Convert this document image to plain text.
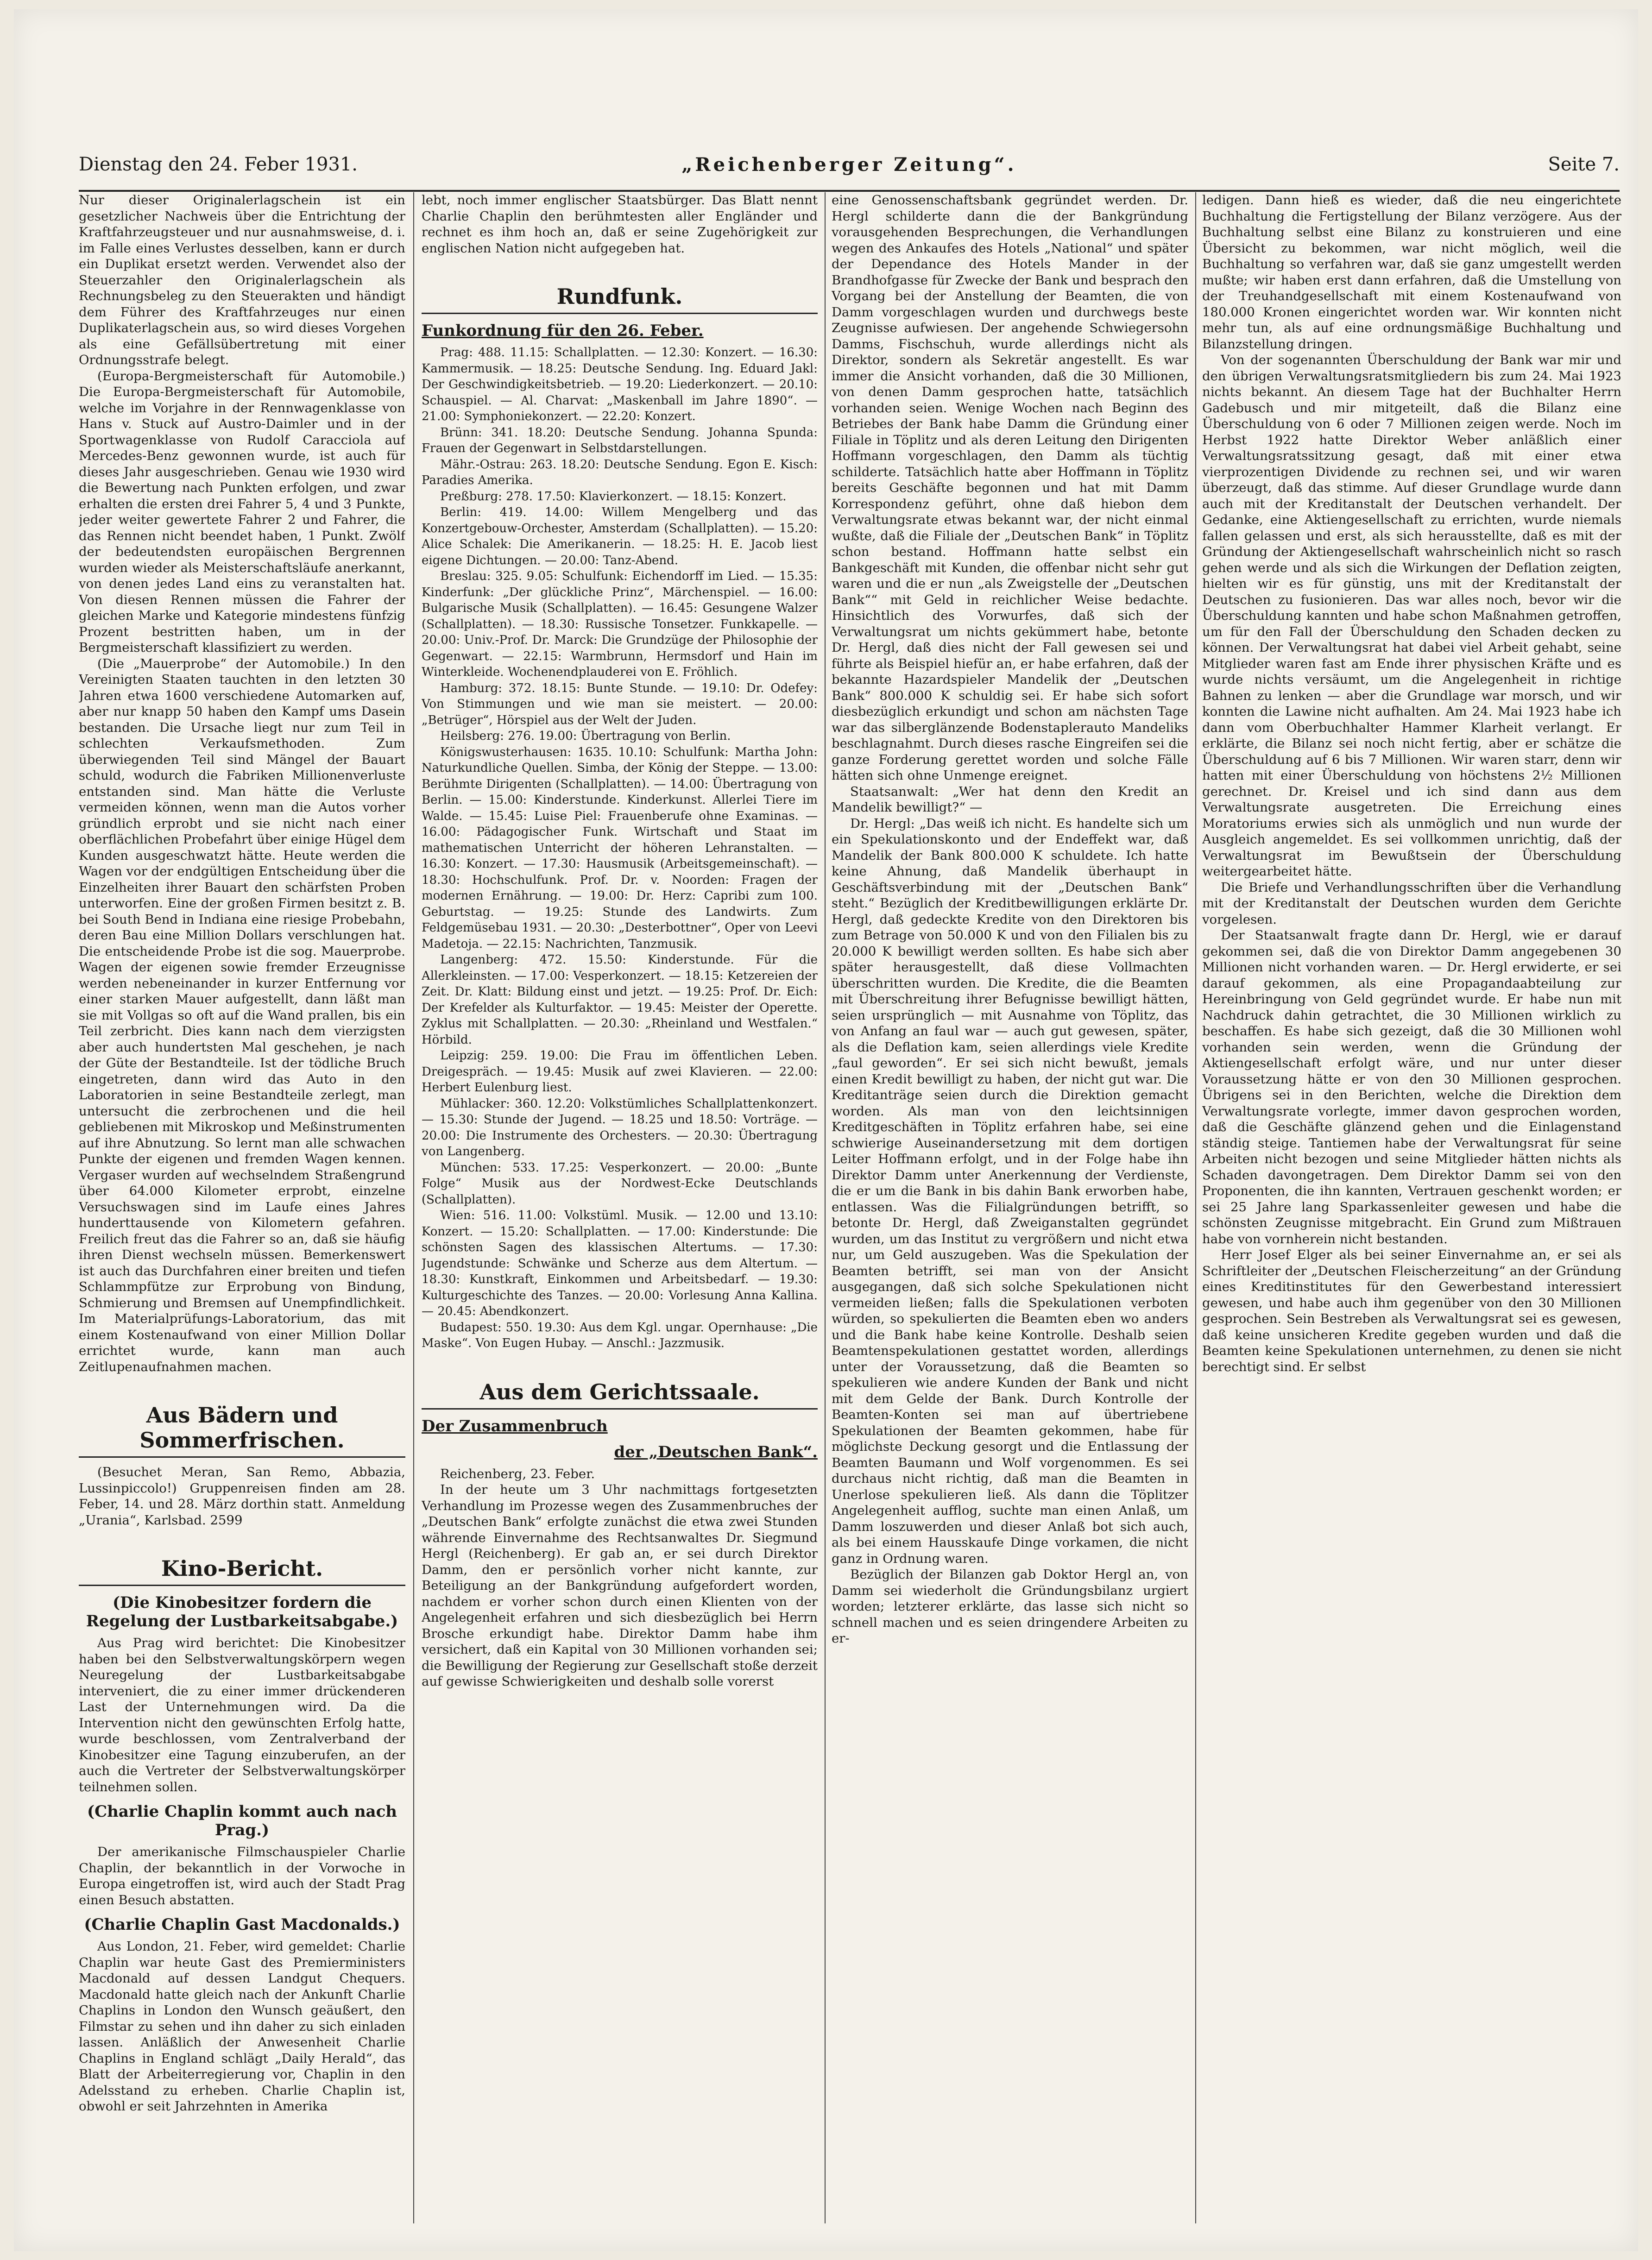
Dienstag den 24. Feber 1931.	„Reichenberger Zeitung“.	Seite 7.

Nur dieser Originalerlagschein ist ein gesetzlicher Nachweis über die Entrichtung der Kraftfahrzeugsteuer und nur ausnahmsweise, d. i. im Falle eines Verlustes desselben, kann er durch ein Duplikat ersetzt werden. Verwendet also der Steuerzahler den Originalerlagschein als Rechnungsbeleg zu den Steuerakten und händigt dem Führer des Kraftfahrzeuges nur einen Duplikaterlagschein aus, so wird dieses Vorgehen als eine Gefällsübertretung mit einer Ordnungsstrafe belegt.

(Europa-Bergmeisterschaft für Automobile.) Die Europa-Bergmeisterschaft für Automobile, welche im Vorjahre in der Rennwagenklasse von Hans v. Stuck auf Austro-Daimler und in der Sportwagenklasse von Rudolf Caracciola auf Mercedes-Benz gewonnen wurde, ist auch für dieses Jahr ausgeschrieben. Genau wie 1930 wird die Bewertung nach Punkten erfolgen, und zwar erhalten die ersten drei Fahrer 5, 4 und 3 Punkte, jeder weiter gewertete Fahrer 2 und Fahrer, die das Rennen nicht beendet haben, 1 Punkt. Zwölf der bedeutendsten europäischen Bergrennen wurden wieder als Meisterschaftsläufe anerkannt, von denen jedes Land eins zu veranstalten hat. Von diesen Rennen müssen die Fahrer der gleichen Marke und Kategorie mindestens fünfzig Prozent bestritten haben, um in der Bergmeisterschaft klassifiziert zu werden.

(Die „Mauerprobe“ der Automobile.) In den Vereinigten Staaten tauchten in den letzten 30 Jahren etwa 1600 verschiedene Automarken auf, aber nur knapp 50 haben den Kampf ums Dasein bestanden. Die Ursache liegt nur zum Teil in schlechten Verkaufsmethoden. Zum überwiegenden Teil sind Mängel der Bauart schuld, wodurch die Fabriken Millionenverluste entstanden sind. Man hätte die Verluste vermeiden können, wenn man die Autos vorher gründlich erprobt und sie nicht nach einer oberflächlichen Probefahrt über einige Hügel dem Kunden ausgeschwatzt hätte. Heute werden die Wagen vor der endgültigen Entscheidung über die Einzelheiten ihrer Bauart den schärfsten Proben unterworfen. Eine der großen Firmen besitzt z. B. bei South Bend in Indiana eine riesige Probebahn, deren Bau eine Million Dollars verschlungen hat. Die entscheidende Probe ist die sog. Mauerprobe. Wagen der eigenen sowie fremder Erzeugnisse werden nebeneinander in kurzer Entfernung vor einer starken Mauer aufgestellt, dann läßt man sie mit Vollgas so oft auf die Wand prallen, bis ein Teil zerbricht. Dies kann nach dem vierzigsten aber auch hundertsten Mal geschehen, je nach der Güte der Bestandteile. Ist der tödliche Bruch eingetreten, dann wird das Auto in den Laboratorien in seine Bestandteile zerlegt, man untersucht die zerbrochenen und die heil gebliebenen mit Mikroskop und Meßinstrumenten auf ihre Abnutzung. So lernt man alle schwachen Punkte der eigenen und fremden Wagen kennen. Vergaser wurden auf wechselndem Straßengrund über 64.000 Kilometer erprobt, einzelne Versuchswagen sind im Laufe eines Jahres hunderttausende von Kilometern gefahren. Freilich freut das die Fahrer so an, daß sie häufig ihren Dienst wechseln müssen. Bemerkenswert ist auch das Durchfahren einer breiten und tiefen Schlammpfütze zur Erprobung von Bindung, Schmierung und Bremsen auf Unempfindlichkeit. Im Materialprüfungs-Laboratorium, das mit einem Kostenaufwand von einer Million Dollar errichtet wurde, kann man auch Zeitlupenaufnahmen machen.

Aus Bädern und Sommerfrischen.

(Besuchet Meran, San Remo, Abbazia, Lussinpiccolo!) Gruppenreisen finden am 28. Feber, 14. und 28. März dorthin statt. Anmeldung „Urania“, Karlsbad. 2599

Kino-Bericht.
(Die Kinobesitzer fordern die Regelung der Lustbarkeitsabgabe.)

Aus Prag wird berichtet: Die Kinobesitzer haben bei den Selbstverwaltungskörpern wegen Neuregelung der Lustbarkeitsabgabe interveniert, die zu einer immer drückenderen Last der Unternehmungen wird. Da die Intervention nicht den gewünschten Erfolg hatte, wurde beschlossen, vom Zentralverband der Kinobesitzer eine Tagung einzuberufen, an der auch die Vertreter der Selbstverwaltungskörper teilnehmen sollen.

(Charlie Chaplin kommt auch nach Prag.)

Der amerikanische Filmschauspieler Charlie Chaplin, der bekanntlich in der Vorwoche in Europa eingetroffen ist, wird auch der Stadt Prag einen Besuch abstatten.

(Charlie Chaplin Gast Macdonalds.)

Aus London, 21. Feber, wird gemeldet: Charlie Chaplin war heute Gast des Premierministers Macdonald auf dessen Landgut Chequers. Macdonald hatte gleich nach der Ankunft Charlie Chaplins in London den Wunsch geäußert, den Filmstar zu sehen und ihn daher zu sich einladen lassen. Anläßlich der Anwesenheit Charlie Chaplins in England schlägt „Daily Herald“, das Blatt der Arbeiterregierung vor, Chaplin in den Adelsstand zu erheben. Charlie Chaplin ist, obwohl er seit Jahrzehnten in Amerika

lebt, noch immer englischer Staatsbürger. Das Blatt nennt Charlie Chaplin den berühmtesten aller Engländer und rechnet es ihm hoch an, daß er seine Zugehörigkeit zur englischen Nation nicht aufgegeben hat.

Rundfunk.
Funkordnung für den 26. Feber.

Prag: 488. 11.15: Schallplatten. — 12.30: Konzert. — 16.30: Kammermusik. — 18.25: Deutsche Sendung. Ing. Eduard Jakl: Der Geschwindigkeitsbetrieb. — 19.20: Liederkonzert. — 20.10: Schauspiel. — Al. Charvat: „Maskenball im Jahre 1890“. — 21.00: Symphoniekonzert. — 22.20: Konzert.

Brünn: 341. 18.20: Deutsche Sendung. Johanna Spunda: Frauen der Gegenwart in Selbstdarstellungen.

Mähr.-Ostrau: 263. 18.20: Deutsche Sendung. Egon E. Kisch: Paradies Amerika.

Preßburg: 278. 17.50: Klavierkonzert. — 18.15: Konzert.

Berlin: 419. 14.00: Willem Mengelberg und das Konzertgebouw-Orchester, Amsterdam (Schallplatten). — 15.20: Alice Schalek: Die Amerikanerin. — 18.25: H. E. Jacob liest eigene Dichtungen. — 20.00: Tanz-Abend.

Breslau: 325. 9.05: Schulfunk: Eichendorff im Lied. — 15.35: Kinderfunk: „Der glückliche Prinz“, Märchenspiel. — 16.00: Bulgarische Musik (Schallplatten). — 16.45: Gesungene Walzer (Schallplatten). — 18.30: Russische Tonsetzer. Funkkapelle. — 20.00: Univ.-Prof. Dr. Marck: Die Grundzüge der Philosophie der Gegenwart. — 22.15: Warmbrunn, Hermsdorf und Hain im Winterkleide. Wochenendplauderei von E. Fröhlich.

Hamburg: 372. 18.15: Bunte Stunde. — 19.10: Dr. Odefey: Von Stimmungen und wie man sie meistert. — 20.00: „Betrüger“, Hörspiel aus der Welt der Juden.

Heilsberg: 276. 19.00: Übertragung von Berlin.

Königswusterhausen: 1635. 10.10: Schulfunk: Martha John: Naturkundliche Quellen. Simba, der König der Steppe. — 13.00: Berühmte Dirigenten (Schallplatten). — 14.00: Übertragung von Berlin. — 15.00: Kinderstunde. Kinderkunst. Allerlei Tiere im Walde. — 15.45: Luise Piel: Frauenberufe ohne Examinas. — 16.00: Pädagogischer Funk. Wirtschaft und Staat im mathematischen Unterricht der höheren Lehranstalten. — 16.30: Konzert. — 17.30: Hausmusik (Arbeitsgemeinschaft). — 18.30: Hochschulfunk. Prof. Dr. v. Noorden: Fragen der modernen Ernährung. — 19.00: Dr. Herz: Capribi zum 100. Geburtstag. — 19.25: Stunde des Landwirts. Zum Feldgemüsebau 1931. — 20.30: „Desterbottner“, Oper von Leevi Madetoja. — 22.15: Nachrichten, Tanzmusik.

Langenberg: 472. 15.50: Kinderstunde. Für die Allerkleinsten. — 17.00: Vesperkonzert. — 18.15: Ketzereien der Zeit. Dr. Klatt: Bildung einst und jetzt. — 19.25: Prof. Dr. Eich: Der Krefelder als Kulturfaktor. — 19.45: Meister der Operette. Zyklus mit Schallplatten. — 20.30: „Rheinland und Westfalen.“ Hörbild.

Leipzig: 259. 19.00: Die Frau im öffentlichen Leben. Dreigespräch. — 19.45: Musik auf zwei Klavieren. — 22.00: Herbert Eulenburg liest.

Mühlacker: 360. 12.20: Volkstümliches Schallplattenkonzert. — 15.30: Stunde der Jugend. — 18.25 und 18.50: Vorträge. — 20.00: Die Instrumente des Orchesters. — 20.30: Übertragung von Langenberg.

München: 533. 17.25: Vesperkonzert. — 20.00: „Bunte Folge“ Musik aus der Nordwest-Ecke Deutschlands (Schallplatten).

Wien: 516. 11.00: Volkstüml. Musik. — 12.00 und 13.10: Konzert. — 15.20: Schallplatten. — 17.00: Kinderstunde: Die schönsten Sagen des klassischen Altertums. — 17.30: Jugendstunde: Schwänke und Scherze aus dem Altertum. — 18.30: Kunstkraft, Einkommen und Arbeitsbedarf. — 19.30: Kulturgeschichte des Tanzes. — 20.00: Vorlesung Anna Kallina. — 20.45: Abendkonzert.

Budapest: 550. 19.30: Aus dem Kgl. ungar. Opernhause: „Die Maske“. Von Eugen Hubay. — Anschl.: Jazzmusik.

Aus dem Gerichtssaale.
Der Zusammenbruch
der „Deutschen Bank“.

Reichenberg, 23. Feber.

In der heute um 3 Uhr nachmittags fortgesetzten Verhandlung im Prozesse wegen des Zusammenbruches der „Deutschen Bank“ erfolgte zunächst die etwa zwei Stunden währende Einvernahme des Rechtsanwaltes Dr. Siegmund Hergl (Reichenberg). Er gab an, er sei durch Direktor Damm, den er persönlich vorher nicht kannte, zur Beteiligung an der Bankgründung aufgefordert worden, nachdem er vorher schon durch einen Klienten von der Angelegenheit erfahren und sich diesbezüglich bei Herrn Brosche erkundigt habe. Direktor Damm habe ihm versichert, daß ein Kapital von 30 Millionen vorhanden sei; die Bewilligung der Regierung zur Gesellschaft stoße derzeit auf gewisse Schwierigkeiten und deshalb solle vorerst

eine Genossenschaftsbank gegründet werden. Dr. Hergl schilderte dann die der Bankgründung vorausgehenden Besprechungen, die Verhandlungen wegen des Ankaufes des Hotels „National“ und später der Dependance des Hotels Mander in der Brandhofgasse für Zwecke der Bank und besprach den Vorgang bei der Anstellung der Beamten, die von Damm vorgeschlagen wurden und durchwegs beste Zeugnisse aufwiesen. Der angehende Schwiegersohn Damms, Fischschuh, wurde allerdings nicht als Direktor, sondern als Sekretär angestellt. Es war immer die Ansicht vorhanden, daß die 30 Millionen, von denen Damm gesprochen hatte, tatsächlich vorhanden seien. Wenige Wochen nach Beginn des Betriebes der Bank habe Damm die Gründung einer Filiale in Töplitz und als deren Leitung den Dirigenten Hoffmann vorgeschlagen, den Damm als tüchtig schilderte. Tatsächlich hatte aber Hoffmann in Töplitz bereits Geschäfte begonnen und hat mit Damm Korrespondenz geführt, ohne daß hiebon dem Verwaltungsrate etwas bekannt war, der nicht einmal wußte, daß die Filiale der „Deutschen Bank“ in Töplitz schon bestand. Hoffmann hatte selbst ein Bankgeschäft mit Kunden, die offenbar nicht sehr gut waren und die er nun „als Zweigstelle der „Deutschen Bank““ mit Geld in reichlicher Weise bedachte. Hinsichtlich des Vorwurfes, daß sich der Verwaltungsrat um nichts gekümmert habe, betonte Dr. Hergl, daß dies nicht der Fall gewesen sei und führte als Beispiel hiefür an, er habe erfahren, daß der bekannte Hazardspieler Mandelik der „Deutschen Bank“ 800.000 K schuldig sei. Er habe sich sofort diesbezüglich erkundigt und schon am nächsten Tage war das silberglänzende Bodenstaplerauto Mandeliks beschlagnahmt. Durch dieses rasche Eingreifen sei die ganze Forderung gerettet worden und solche Fälle hätten sich ohne Unmenge ereignet.

Staatsanwalt: „Wer hat denn den Kredit an Mandelik bewilligt?“ —

Dr. Hergl: „Das weiß ich nicht. Es handelte sich um ein Spekulationskonto und der Endeffekt war, daß Mandelik der Bank 800.000 K schuldete. Ich hatte keine Ahnung, daß Mandelik überhaupt in Geschäftsverbindung mit der „Deutschen Bank“ steht.“ Bezüglich der Kreditbewilligungen erklärte Dr. Hergl, daß gedeckte Kredite von den Direktoren bis zum Betrage von 50.000 K und von den Filialen bis zu 20.000 K bewilligt werden sollten. Es habe sich aber später herausgestellt, daß diese Vollmachten überschritten wurden. Die Kredite, die die Beamten mit Überschreitung ihrer Befugnisse bewilligt hätten, seien ursprünglich — mit Ausnahme von Töplitz, das von Anfang an faul war — auch gut gewesen, später, als die Deflation kam, seien allerdings viele Kredite „faul geworden“. Er sei sich nicht bewußt, jemals einen Kredit bewilligt zu haben, der nicht gut war. Die Kreditanträge seien durch die Direktion gemacht worden. Als man von den leichtsinnigen Kreditgeschäften in Töplitz erfahren habe, sei eine schwierige Auseinandersetzung mit dem dortigen Leiter Hoffmann erfolgt, und in der Folge habe ihn Direktor Damm unter Anerkennung der Verdienste, die er um die Bank in bis dahin Bank erworben habe, entlassen. Was die Filialgründungen betrifft, so betonte Dr. Hergl, daß Zweiganstalten gegründet wurden, um das Institut zu vergrößern und nicht etwa nur, um Geld auszugeben. Was die Spekulation der Beamten betrifft, sei man von der Ansicht ausgegangen, daß sich solche Spekulationen nicht vermeiden ließen; falls die Spekulationen verboten würden, so spekulierten die Beamten eben wo anders und die Bank habe keine Kontrolle. Deshalb seien Beamtenspekulationen gestattet worden, allerdings unter der Voraussetzung, daß die Beamten so spekulieren wie andere Kunden der Bank und nicht mit dem Gelde der Bank. Durch Kontrolle der Beamten-Konten sei man auf übertriebene Spekulationen der Beamten gekommen, habe für möglichste Deckung gesorgt und die Entlassung der Beamten Baumann und Wolf vorgenommen. Es sei durchaus nicht richtig, daß man die Beamten in Unerlose spekulieren ließ. Als dann die Töplitzer Angelegenheit aufflog, suchte man einen Anlaß, um Damm loszuwerden und dieser Anlaß bot sich auch, als bei einem Hausskaufe Dinge vorkamen, die nicht ganz in Ordnung waren.

Bezüglich der Bilanzen gab Doktor Hergl an, von Damm sei wiederholt die Gründungsbilanz urgiert worden; letzterer erklärte, das lasse sich nicht so schnell machen und es seien dringendere Arbeiten zu er-

ledigen. Dann hieß es wieder, daß die neu eingerichtete Buchhaltung die Fertigstellung der Bilanz verzögere. Aus der Buchhaltung selbst eine Bilanz zu konstruieren und eine Übersicht zu bekommen, war nicht möglich, weil die Buchhaltung so verfahren war, daß sie ganz umgestellt werden mußte; wir haben erst dann erfahren, daß die Umstellung von der Treuhandgesellschaft mit einem Kostenaufwand von 180.000 Kronen eingerichtet worden war. Wir konnten nicht mehr tun, als auf eine ordnungsmäßige Buchhaltung und Bilanzstellung dringen.

Von der sogenannten Überschuldung der Bank war mir und den übrigen Verwaltungsratsmitgliedern bis zum 24. Mai 1923 nichts bekannt. An diesem Tage hat der Buchhalter Herrn Gadebusch und mir mitgeteilt, daß die Bilanz eine Überschuldung von 6 oder 7 Millionen zeigen werde. Noch im Herbst 1922 hatte Direktor Weber anläßlich einer Verwaltungsratssitzung gesagt, daß mit einer etwa vierprozentigen Dividende zu rechnen sei, und wir waren überzeugt, daß das stimme. Auf dieser Grundlage wurde dann auch mit der Kreditanstalt der Deutschen verhandelt. Der Gedanke, eine Aktiengesellschaft zu errichten, wurde niemals fallen gelassen und erst, als sich herausstellte, daß es mit der Gründung der Aktiengesellschaft wahrscheinlich nicht so rasch gehen werde und als sich die Wirkungen der Deflation zeigten, hielten wir es für günstig, uns mit der Kreditanstalt der Deutschen zu fusionieren. Das war alles noch, bevor wir die Überschuldung kannten und habe schon Maßnahmen getroffen, um für den Fall der Überschuldung den Schaden decken zu können. Der Verwaltungsrat hat dabei viel Arbeit gehabt, seine Mitglieder waren fast am Ende ihrer physischen Kräfte und es wurde nichts versäumt, um die Angelegenheit in richtige Bahnen zu lenken — aber die Grundlage war morsch, und wir konnten die Lawine nicht aufhalten. Am 24. Mai 1923 habe ich dann vom Oberbuchhalter Hammer Klarheit verlangt. Er erklärte, die Bilanz sei noch nicht fertig, aber er schätze die Überschuldung auf 6 bis 7 Millionen. Wir waren starr, denn wir hatten mit einer Überschuldung von höchstens 2½ Millionen gerechnet. Dr. Kreisel und ich sind dann aus dem Verwaltungsrate ausgetreten. Die Erreichung eines Moratoriums erwies sich als unmöglich und nun wurde der Ausgleich angemeldet. Es sei vollkommen unrichtig, daß der Verwaltungsrat im Bewußtsein der Überschuldung weitergearbeitet hätte.

Die Briefe und Verhandlungsschriften über die Verhandlung mit der Kreditanstalt der Deutschen wurden dem Gerichte vorgelesen.

Der Staatsanwalt fragte dann Dr. Hergl, wie er darauf gekommen sei, daß die von Direktor Damm angegebenen 30 Millionen nicht vorhanden waren. — Dr. Hergl erwiderte, er sei darauf gekommen, als eine Propagandaabteilung zur Hereinbringung von Geld gegründet wurde. Er habe nun mit Nachdruck dahin getrachtet, die 30 Millionen wirklich zu beschaffen. Es habe sich gezeigt, daß die 30 Millionen wohl vorhanden sein werden, wenn die Gründung der Aktiengesellschaft erfolgt wäre, und nur unter dieser Voraussetzung hätte er von den 30 Millionen gesprochen. Übrigens sei in den Berichten, welche die Direktion dem Verwaltungsrate vorlegte, immer davon gesprochen worden, daß die Geschäfte glänzend gehen und die Einlagenstand ständig steige. Tantiemen habe der Verwaltungsrat für seine Arbeiten nicht bezogen und seine Mitglieder hätten nichts als Schaden davongetragen. Dem Direktor Damm sei von den Proponenten, die ihn kannten, Vertrauen geschenkt worden; er sei 25 Jahre lang Sparkassenleiter gewesen und habe die schönsten Zeugnisse mitgebracht. Ein Grund zum Mißtrauen habe von vornherein nicht bestanden.

Herr Josef Elger als bei seiner Einvernahme an, er sei als Schriftleiter der „Deutschen Fleischerzeitung“ an der Gründung eines Kreditinstitutes für den Gewerbestand interessiert gewesen, und habe auch ihm gegenüber von den 30 Millionen gesprochen. Sein Bestreben als Verwaltungsrat sei es gewesen, daß keine unsicheren Kredite gegeben wurden und daß die Beamten keine Spekulationen unternehmen, zu denen sie nicht berechtigt sind. Er selbst
